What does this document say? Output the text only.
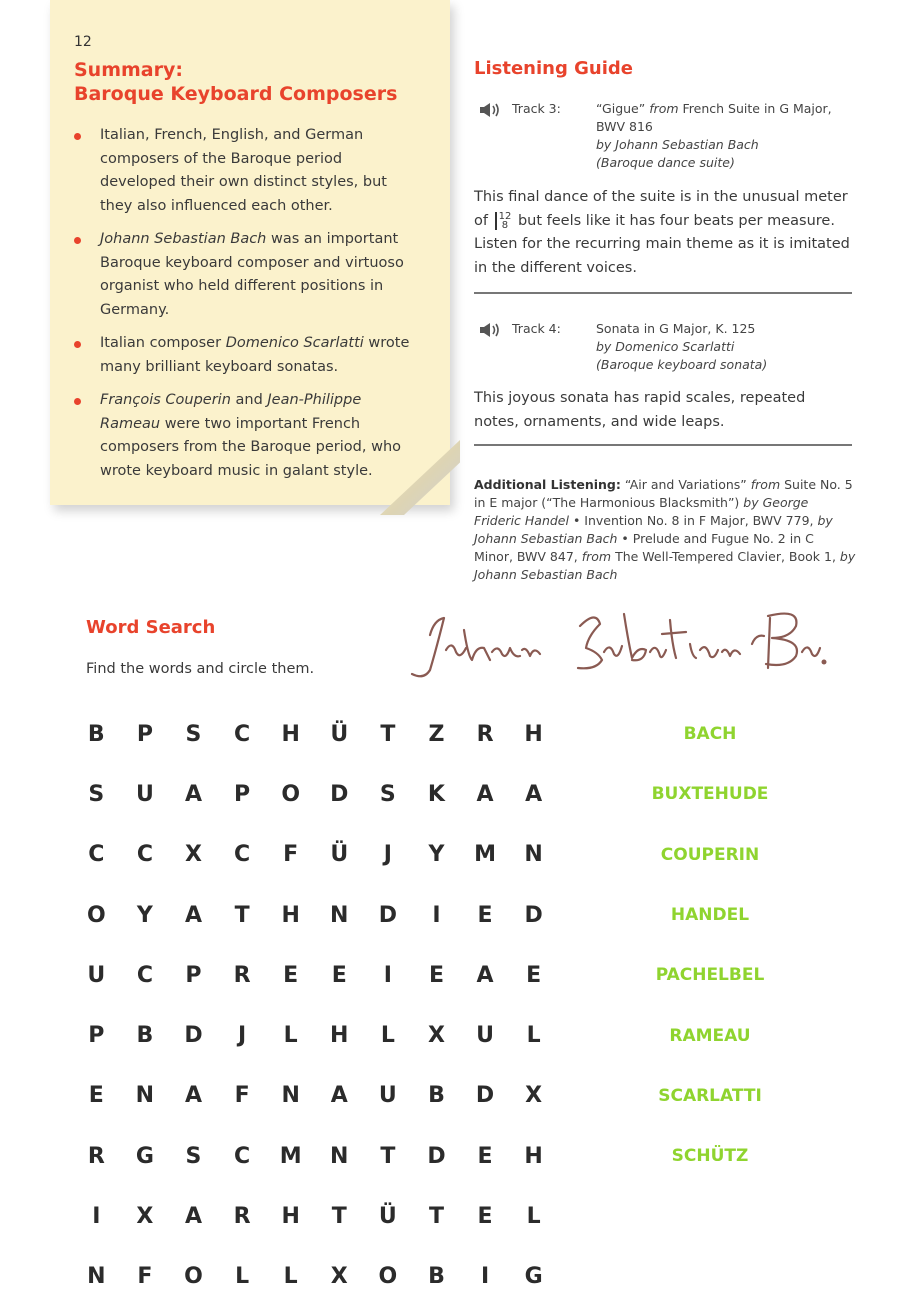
12
Summary:
Baroque Keyboard Composers
Italian, French, English, and German composers of the Baroque period developed their own distinct styles, but they also influenced each other.
Johann Sebastian Bach was an important Baroque keyboard composer and virtuoso organist who held different positions in Germany.
Italian composer Domenico Scarlatti wrote many brilliant keyboard sonatas.
François Couperin and Jean-Philippe Rameau were two important French composers from the Baroque period, who wrote keyboard music in galant style.
Listening Guide
Track 3:	“Gigue” from French Suite in G Major, BWV 816
by Johann Sebastian Bach
(Baroque dance suite)
This final dance of the suite is in the unusual meter of 12
8 but feels like it has four beats per measure. Listen for the recurring main theme as it is imitated in the different voices.
Track 4:	Sonata in G Major, K. 125
by Domenico Scarlatti
(Baroque keyboard sonata)
This joyous sonata has rapid scales, repeated notes, ornaments, and wide leaps.
Additional Listening: “Air and Variations” from Suite No. 5 in E major (“The Harmonious Blacksmith”) by George Frideric Handel • Invention No. 8 in F Major, BWV 779, by Johann Sebastian Bach • Prelude and Fugue No. 2 in C Minor, BWV 847, from The Well-Tempered Clavier, Book 1, by Johann Sebastian Bach
Word Search
Find the words and circle them.
B	P	S	C	H	Ü	T	Z	R	H
S	U	A	P	O	D	S	K	A	A
C	C	X	C	F	Ü	J	Y	M	N
O	Y	A	T	H	N	D	I	E	D
U	C	P	R	E	E	I	E	A	E
P	B	D	J	L	H	L	X	U	L
E	N	A	F	N	A	U	B	D	X
R	G	S	C	M	N	T	D	E	H
I	X	A	R	H	T	Ü	T	E	L
N	F	O	L	L	X	O	B	I	G
BACH
BUXTEHUDE
COUPERIN
HANDEL
PACHELBEL
RAMEAU
SCARLATTI
SCHÜTZ
